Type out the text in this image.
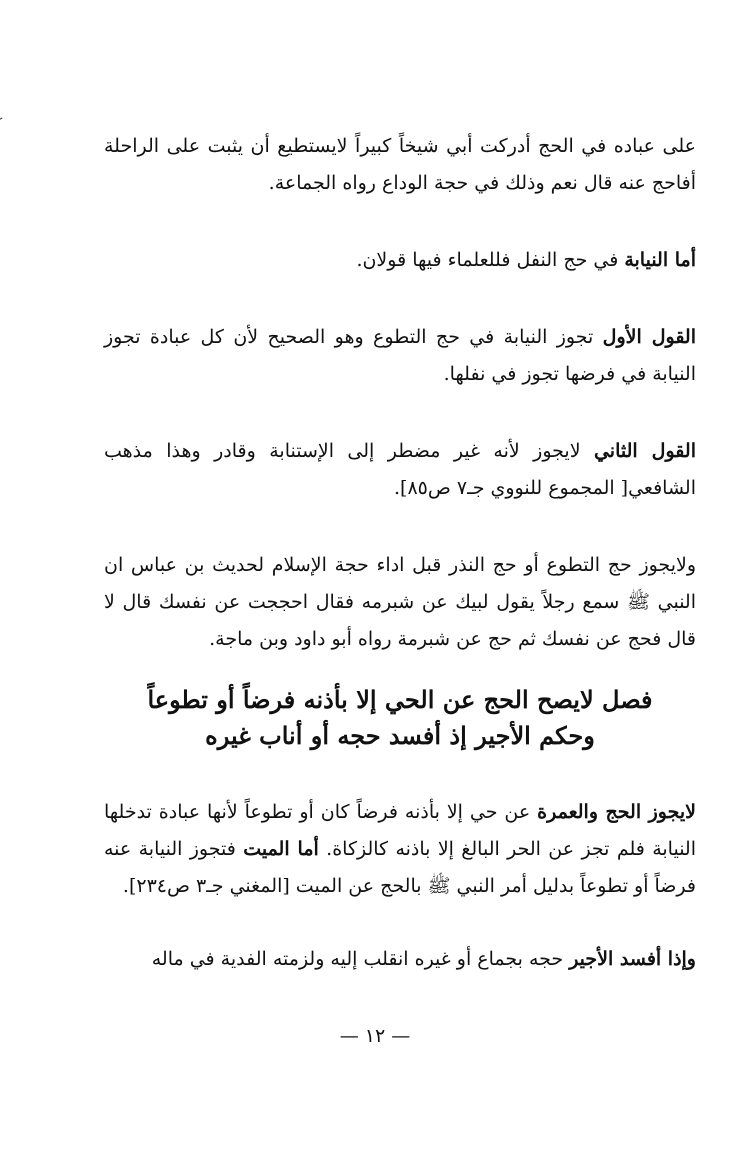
على عباده في الحج أدركت أبي شيخاً كبيراً لايستطيع أن يثبت على الراحلة أفاحج عنه قال نعم وذلك في حجة الوداع رواه الجماعة.

أما النيابة في حج النفل فللعلماء فيها قولان.

القول الأول تجوز النيابة في حج التطوع وهو الصحيح لأن كل عبادة تجوز النيابة في فرضها تجوز في نفلها.

القول الثاني لايجوز لأنه غير مضطر إلى الإستنابة وقادر وهذا مذهب الشافعي[ المجموع للنووي جـ٧ ص٨٥].

ولايجوز حج التطوع أو حج النذر قبل اداء حجة الإسلام لحديث بن عباس ان النبي ﷺ سمع رجلاً يقول لبيك عن شبرمه فقال احججت عن نفسك قال لا قال فحج عن نفسك ثم حج عن شبرمة رواه أبو داود وبن ماجة.

فصل لايصح الحج عن الحي إلا بأذنه فرضاً أو تطوعاً
وحكم الأجير إذ أفسد حجه أو أناب غيره

لايجوز الحج والعمرة عن حي إلا بأذنه فرضاً كان أو تطوعاً لأنها عبادة تدخلها النيابة فلم تجز عن الحر البالغ إلا باذنه كالزكاة. أما الميت فتجوز النيابة عنه فرضاً أو تطوعاً بدليل أمر النبي ﷺ بالحج عن الميت [المغني جـ٣ ص٢٣٤].

وإذا أفسد الأجير حجه بجماع أو غيره انقلب إليه ولزمته الفدية في ماله

— ١٢ —
